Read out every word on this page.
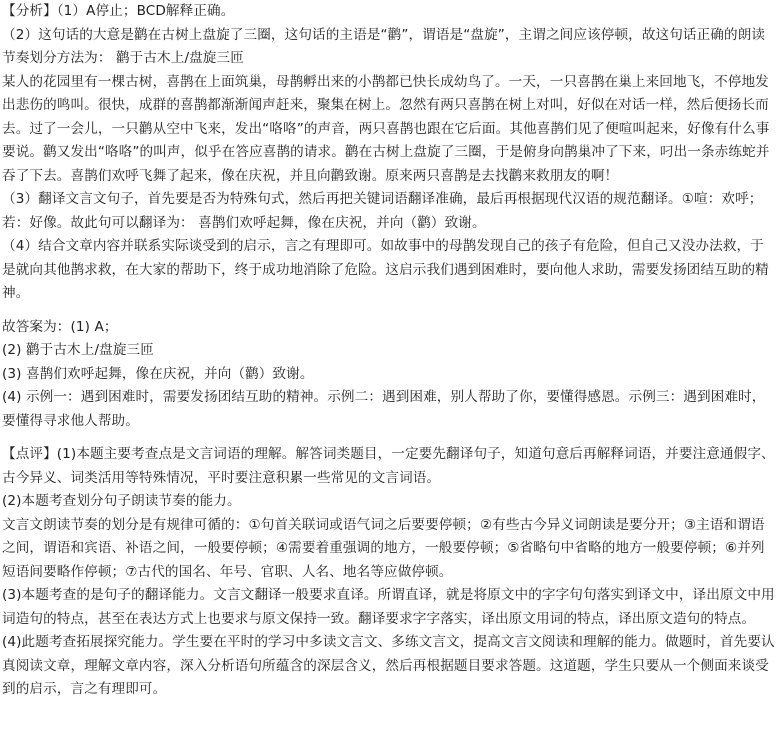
【分析】（1）A停止；BCD解释正确。

（2）这句话的大意是鹳在古树上盘旋了三圈，这句话的主语是“鹳”，谓语是“盘旋”，主谓之间应该停顿，故这句话正确的朗读节奏划分方法为： 鹳于古木上/盘旋三匝

某人的花园里有一棵古树，喜鹊在上面筑巢，母鹊孵出来的小鹊都已快长成幼鸟了。一天，一只喜鹊在巢上来回地飞，不停地发出悲伤的鸣叫。很快，成群的喜鹊都渐渐闻声赶来，聚集在树上。忽然有两只喜鹊在树上对叫，好似在对话一样，然后便扬长而去。过了一会儿，一只鹳从空中飞来，发出“咯咯”的声音，两只喜鹊也跟在它后面。其他喜鹊们见了便喧叫起来，好像有什么事要说。鹳又发出“咯咯”的叫声，似乎在答应喜鹊的请求。鹳在古树上盘旋了三圈，于是俯身向鹊巢冲了下来，叼出一条赤练蛇并吞了下去。喜鹊们欢呼飞舞了起来，像在庆祝，并且向鹳致谢。原来两只喜鹊是去找鹳来救朋友的啊！

（3）翻译文言文句子，首先要是否为特殊句式，然后再把关键词语翻译准确，最后再根据现代汉语的规范翻译。①喧：欢呼；若：好像。故此句可以翻译为： 喜鹊们欢呼起舞，像在庆祝，并向（鹳）致谢。

（4）结合文章内容并联系实际谈受到的启示，言之有理即可。如故事中的母鹊发现自己的孩子有危险，但自己又没办法救，于是就向其他鹊求救，在大家的帮助下，终于成功地消除了危险。这启示我们遇到困难时，要向他人求助，需要发扬团结互助的精神。

故答案为：(1) A；

(2) 鹳于古木上/盘旋三匝

(3) 喜鹊们欢呼起舞，像在庆祝，并向（鹳）致谢。

(4) 示例一：遇到困难时，需要发扬团结互助的精神。示例二：遇到困难，别人帮助了你，要懂得感恩。示例三：遇到困难时，要懂得寻求他人帮助。

【点评】(1)本题主要考查点是文言词语的理解。解答词类题目，一定要先翻译句子，知道句意后再解释词语，并要注意通假字、古今异义、词类活用等特殊情况，平时要注意积累一些常见的文言词语。

(2)本题考查划分句子朗读节奏的能力。

文言文朗读节奏的划分是有规律可循的：①句首关联词或语气词之后要要停顿；②有些古今异义词朗读是要分开；③主语和谓语之间，谓语和宾语、补语之间，一般要停顿；④需要着重强调的地方，一般要停顿；⑤省略句中省略的地方一般要停顿；⑥并列短语间要略作停顿；⑦古代的国名、年号、官职、人名、地名等应做停顿。

(3)本题考查的是句子的翻译能力。文言文翻译一般要求直译。所谓直译，就是将原文中的字字句句落实到译文中，译出原文中用词造句的特点，甚至在表达方式上也要求与原文保持一致。翻译要求字字落实，译出原文用词的特点，译出原文造句的特点。

(4)此题考查拓展探究能力。学生要在平时的学习中多读文言文、多练文言文，提高文言文阅读和理解的能力。做题时，首先要认真阅读文章，理解文章内容，深入分析语句所蕴含的深层含义，然后再根据题目要求答题。这道题，学生只要从一个侧面来谈受到的启示，言之有理即可。
